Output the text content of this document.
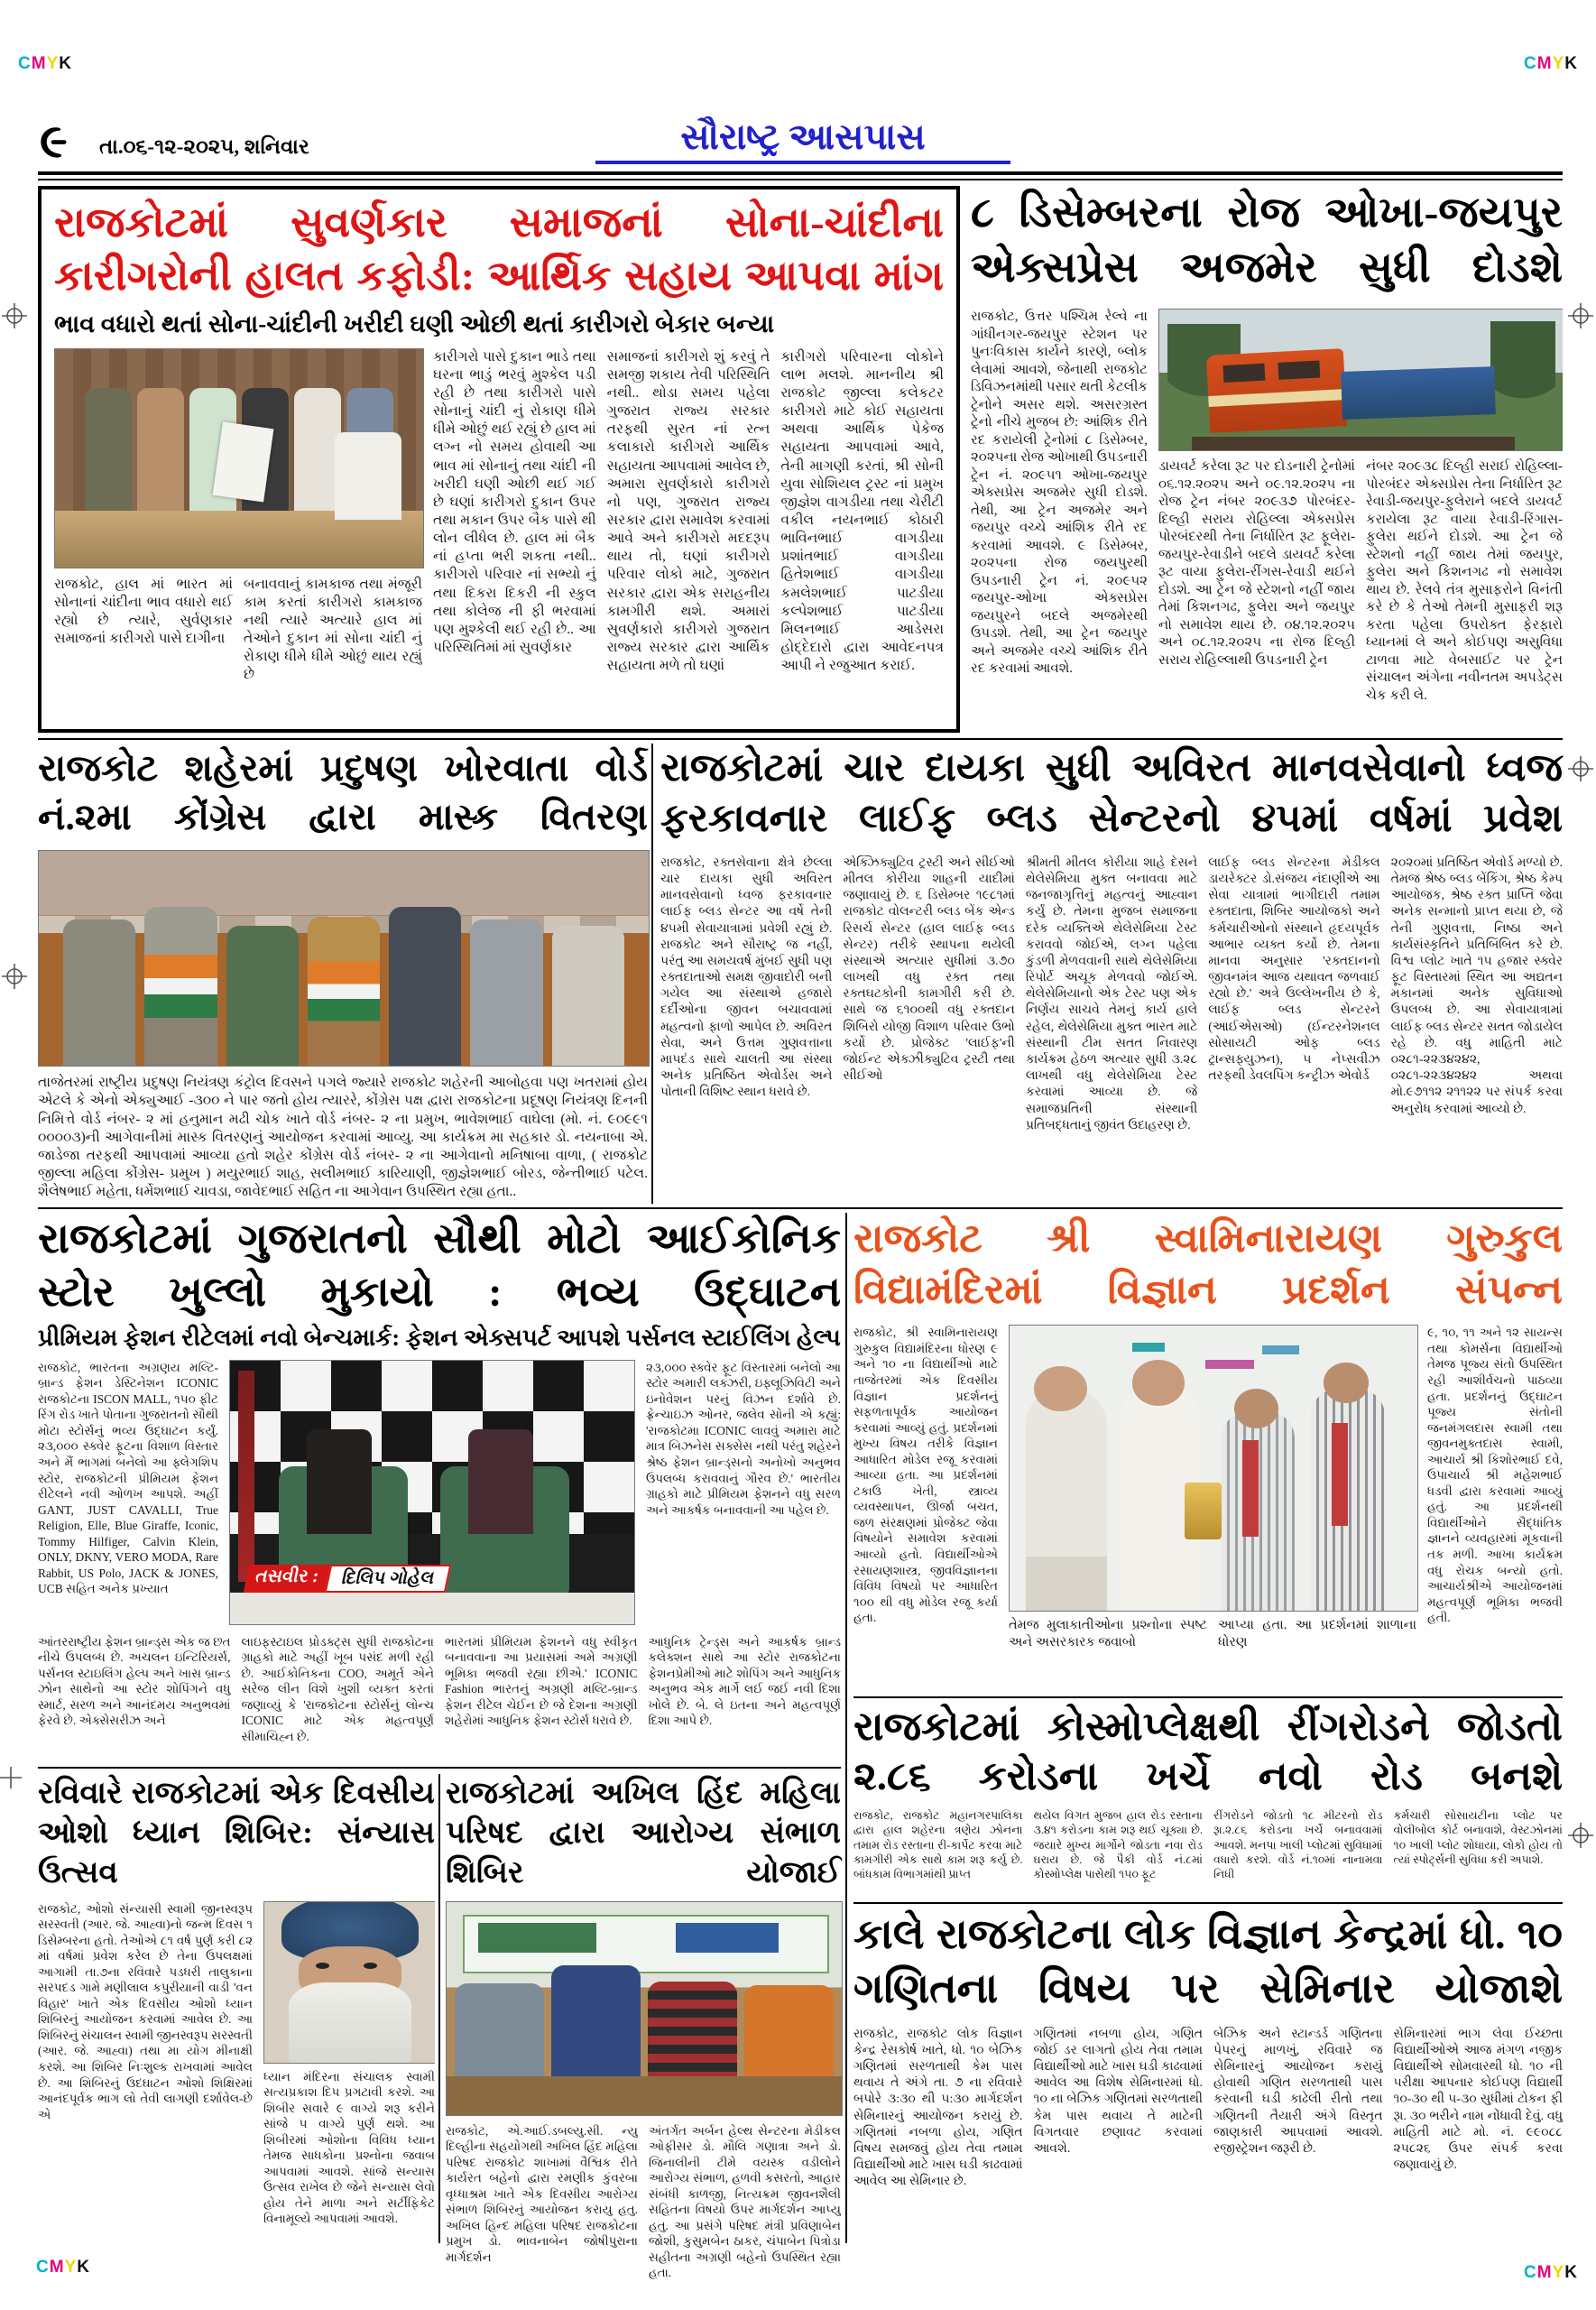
CMYK	CMYK
CMYK	CMYK
૯ તા.૦૬-૧૨-૨૦૨૫, શનિવાર	સૌરાષ્ટ્ર આસપાસ
રાજકોટમાં સુવર્ણકાર સમાજનાં સોના-ચાંદીના કારીગરોની હાલત કફોડી: આર્થિક સહાય આપવા માંગ
ભાવ વધારો થતાં સોના-ચાંદીની ખરીદી ઘણી ઓછી થતાં કારીગરો બેકાર બન્યા
રાજકોટ, હાલ માં ભારત માં સોનાનાં ચાંદીના ભાવ વધારો થઈ રહ્યો છે ત્યારે, સુર્વણકાર સમાજનાં કારીગરો પાસે દાગીના
બનાવવાનું કામકાજ તથા મંજૂરી કામ કરતાં કારીગરો કામકાજ નથી ત્યારે અત્યારે હાલ માં તેઓને દુકાન માં સોના ચાંદી નું રોકાણ ધીમે ધીમે ઓછું થાય રહ્યું છે
કારીગરો પાસે દુકાન ભાડે તથા ઘરના ભાડું ભરવું મુશ્કેલ પડી રહી છે તથા કારીગરો પાસે સોનાનું ચાંદી નું રોકાણ ધીમે ધીમે ઓછું થઈ રહ્યું છે હાલ માં લગ્ન નો સમય હોવાથી આ ભાવ માં સોનાનું તથા ચાંદી ની ખરીદી ઘણી ઓછી થઈ ગઈ છે ઘણાં કારીગરો દુકાન ઉપર તથા મકાન ઉપર બૈક પાસે થી લોન લીધેલ છે. હાલ માં બૈક નાં હપ્તા ભરી શકતા નથી.. કારીગરો પરિવાર નાં સભ્યો નું તથા દિકરા દિકરી ની સ્કુલ તથા કોલેજ ની ફી ભરવામાં પણ મુશ્કેલી થઈ રહી છે.. આ પરિસ્થિતિમાં માં સુવર્ણકાર
સમાજનાં કારીગરો શું કરવું તે સમજી શકાય તેવી પરિસ્થિતિ નથી.. થોડા સમય પહેલા ગુજરાત રાજ્ય સરકાર તરફથી સુરત નાં રત્ન કલાકારો કારીગરો આર્થિક સહાયતા આપવામાં આવેલ છે, અમારા સુવર્ણકારો કારીગરો નો પણ, ગુજરાત રાજ્ય સરકાર દ્વારા સમાવેશ કરવામાં આવે અને કારીગરો મદદરૂપ થાય તો, ઘણાં કારીગરો પરિવાર લોકો માટે, ગુજરાત સરકાર દ્વારા એક સરાહનીય કામગીરી થશે. અમારાં સુવર્ણકારો કારીગરો ગુજરાત રાજ્ય સરકાર દ્વારા આર્થિક સહાયતા મળે તો ઘણાં
કારીગરો પરિવારના લોકોને લાભ મલશે. માનનીય શ્રી રાજકોટ જીલ્લા કલેકટર કારીગરો માટે કોઈ સહાયતા અથવા આર્થિક પેકેજ સહાયતા આપવામાં આવે, તેની માગણી કરતાં, શ્રી સોની યુવા સોશિયલ ટ્રસ્ટ નાં પ્રમુખ જીજ્ઞેશ વાગડીયા તથા ચેરીટી વકીલ નયનભાઈ કોઠારી ભાવિનભાઈ વાગડીયા પ્રશાંતભાઈ વાગડીયા હિતેશભાઈ વાગડીયા કમલેશભાઈ પાટડીયા કલ્પેશભાઈ પાટડીયા મિલનભાઈ આડેસરા હોદ્દેદારો દ્વારા આવેદનપત્ર આપી ને રજુઆત કરાઈ.
૮ ડિસેમ્બરના રોજ ઓખા-જયપુર એક્સપ્રેસ અજમેર સુધી દોડશે
રાજકોટ, ઉત્તર પશ્ચિમ રેલ્વે ના ગાંધીનગર-જયપુર સ્ટેશન પર પુનઃવિકાસ કાર્યને કારણે, બ્લોક લેવામાં આવશે, જેનાથી રાજકોટ ડિવિઝનમાંથી પસાર થતી કેટલીક ટ્રેનોને અસર થશે. અસરગ્રસ્ત ટ્રેનો નીચે મુજબ છે: આંશિક રીતે રદ કરાયેલી ટ્રેનોમાં ૮ ડિસેમ્બર, ૨૦૨૫ના રોજ ઓખાથી ઉપડનારી ટ્રેન નં. ૨૦૯૫૧ ઓખા-જયપુર એક્સપ્રેસ અજમેર સુધી દોડશે. તેથી, આ ટ્રેન અજમેર અને જયપુર વચ્ચે આંશિક રીતે રદ કરવામાં આવશે. ૯ ડિસેમ્બર, ૨૦૨૫ના રોજ જયપુરથી ઉપડનારી ટ્રેન નં. ૨૦૯૫૨ જયપુર-ઓખા એક્સપ્રેસ જયપુરને બદલે અજમેરથી ઉપડશે. તેથી, આ ટ્રેન જયપુર અને અજમેર વચ્ચે આંશિક રીતે રદ કરવામાં આવશે.
ડાયવર્ટ કરેલા રૂટ પર દોડનારી ટ્રેનોમાં ૦૬.૧૨.૨૦૨૫ અને ૦૯.૧૨.૨૦૨૫ ના રોજ ટ્રેન નંબર ૨૦૯૩૭ પોરબંદર-દિલ્હી સરાય રોહિલ્લા એક્સપ્રેસ પોરબંદરથી તેના નિર્ધારિત રૂટ ફૂલેરા-જયપુર-રેવાડીને બદલે ડાયવર્ટ કરેલા રૂટ વાયા ફુલેરા-રીંગસ-રેવાડી થઈને દોડશે. આ ટ્રેન જે સ્ટેશનો નહીં જાય તેમાં કિશનગઢ, ફુલેરા અને જયપુર નો સમાવેશ થાય છે. ૦૪.૧૨.૨૦૨૫ અને ૦૮.૧૨.૨૦૨૫ ના રોજ દિલ્હી સરાય રોહિલ્લાથી ઉપડનારી ટ્રેન
નંબર ૨૦૯૩૮ દિલ્હી સરાઈ રોહિલ્લા-પોરબંદર એક્સપ્રેસ તેના નિર્ધારિત રૂટ રેવાડી-જયપુર-ફુલેરાને બદલે ડાયવર્ટ કરાયેલા રૂટ વાયા રેવાડી-રિંગાસ-ફુલેરા થઈને દોડશે. આ ટ્રેન જે સ્ટેશનો નહીં જાય તેમાં જયપુર, ફુલેરા અને કિશનગઢ નો સમાવેશ થાય છે. રેલવે તંત્ર મુસાફરોને વિનંતી કરે છે કે તેઓ તેમની મુસાફરી શરૂ કરતા પહેલા ઉપરોક્ત ફેરફારો ધ્યાનમાં લે અને કોઈપણ અસુવિધા ટાળવા માટે વેબસાઈટ પર ટ્રેન સંચાલન અંગેના નવીનતમ અપડેટ્સ ચેક કરી લે.
રાજકોટ શહેરમાં પ્રદુષણ ખોરવાતા વોર્ડ નં.૨મા કોંગ્રેસ દ્વારા માસ્ક વિતરણ
તાજેતરમાં રાષ્ટ્રીય પ્રદુષણ નિયંત્રણ કંટ્રોલ દિવસને પગલે જ્યારે રાજકોટ શહેરની આબોહવા પણ ખતરામાં હોય એટલે કે એનો એક્યુઆઈ -૩૦૦ ને પાર જતો હોય ત્યારરે, કોંગ્રેસ પક્ષ દ્વારા રાજકોટના પ્રદૂષણ નિયંત્રણ દિનની નિમિત્તે વોર્ડ નંબર- ૨ માં હનુમાન મઢી ચોક ખાતે વોર્ડ નંબર- ૨ ના પ્રમુખ, ભાવેશભાઈ વાઘેલા (મો. નં. ૯૦૯૯૧ ૦૦૦૦૩)ની આગેવાનીમાં માસ્ક વિતરણનું આયોજન કરવામાં આવ્યુ. આ કાર્યક્રમ મા સહકાર ડો. નયનાબા એ. જાડેજા તરફથી આપવામાં આવ્યા હતો શહેર કોંગ્રેસ વોર્ડ નંબર- ૨ ના આગેવાનો મનિષાબા વાળા, ( રાજકોટ જીલ્લા મહિલા કોંગ્રેસ- પ્રમુખ ) મયુરભાઈ શાહ, સલીમભાઈ કારિયાણી, જીજ્ઞેશભાઈ બોરડ, જેન્તીભાઈ પટેલ. શૈલેષભાઈ મહેતા, ધર્મેશભાઈ ચાવડા, જાવેદભાઈ સહિત ના આગેવાન ઉપસ્થિત રહ્યા હતા..
રાજકોટમાં ચાર દાયકા સુધી અવિરત માનવસેવાનો ધ્વજ ફરકાવનાર લાઈફ બ્લડ સેન્ટરનો ૪૫માં વર્ષમાં પ્રવેશ
રાજકોટ, રક્તસેવાના ક્ષેત્રે છેલ્લા ચાર દાયકા સુધી અવિરત માનવસેવાનો ધ્વજ ફરકાવનાર લાઈફ બ્લડ સેન્ટર આ વર્ષે તેની ૪૫મી સેવાયાત્રામાં પ્રવેશી રહ્યું છે. રાજકોટ અને સૌરાષ્ટ્ર જ નહીં, પરંતુ આ સમયવર્ષ મુંબઈ સુધી પણ રક્તદાતાઓ સમક્ષ જીવાદોરી બની ગયેલ આ સંસ્થાએ હજારો દર્દીઓના જીવન બચાવવામાં મહત્વનો ફાળો આપેલ છે. અવિરત સેવા, અને ઉત્તમ ગુણવત્તાના માપદંડ સાથે ચાલતી આ સંસ્થા અનેક પ્રતિષ્ઠિત એવોર્ડસ અને પોતાની વિશિષ્ટ સ્થાન ધરાવે છે.
એક્ઝિક્યુટિવ ટ્રસ્ટી અને સીઈઓ મીતલ કોરીયા શાહની યાદીમાં જણાવાયું છે. ૬ ડિસેમ્બર ૧૯૮૧માં રાજકોટ વોલન્ટરી બ્લડ બેંક એન્ડ રિસર્ચ સેન્ટર (હાલ લાઈફ બ્લડ સેન્ટર) તરીકે સ્થાપના થયેલી સંસ્થાએ અત્યાર સુધીમાં ૩.૭૦ લાખથી વધુ રક્ત તથા રક્તઘટકોની કામગીરી કરી છે. સાથે જ ૬૧૦૦થી વધુ રક્તદાન શિબિરો યોજી વિશાળ પરિવાર ઉભો કર્યો છે. પ્રોજેક્ટ 'લાઈફ'ની જોઈન્ટ એક્ઝીક્યુટિવ ટ્રસ્ટી તથા સીઈઓ
શ્રીમતી મીતલ કોરીયા શાહે દેસને થેલેસેમિયા મુક્ત બનાવવા માટે જનજાગૃત્તિનું મહત્વનું આહ્વાન કર્યું છે. તેમના મુજબ સમાજના દરેક વ્યક્તિએ થેલેસેમિયા ટેસ્ટ કરાવવો જોઈએ, લગ્ન પહેલા કુંડળી મેળવવાની સાથે થેલેસેમિયા રિપોર્ટ અચૂક મેળવવો જોઈએ. થેલેસેમિયાનો એક ટેસ્ટ પણ એક નિર્ણય સાચવે તેમનું કાર્ય હાલે રહેલ, થેલેસેમિયા મુક્ત ભારત માટે સંસ્થાની ટીમ સતત નિવારણ કાર્યક્રમ હેઠળ અત્યાર સુધી ૩.૨૮ લાખથી વધુ થેલેસેમિયા ટેસ્ટ કરવામાં આવ્યા છે. જે સમાજપ્રતિની સંસ્થાની પ્રતિબદ્ધતાનું જીવંત ઉદાહરણ છે.
લાઈફ બ્લડ સેન્ટરના મેડીકલ ડાયરેક્ટર ડો.સંજય નંદાણીએ આ સેવા યાત્રામાં ભાગીદારી તમામ રક્તદાતા, શિબિર આયોજકો અને કર્મચારીઓનો સંસ્થાને હૃદયપૂર્વક આભાર વ્યક્ત કર્યો છે. તેમના માનવા અનુસાર 'રક્તદાનનો જીવનમંત્ર આજ યથાવત જળવાઈ રહ્યો છે.' અત્રે ઉલ્લેખનીય છે કે, લાઈફ બ્લડ સેન્ટરને (આઈએસઓ) (ઈન્ટરનેશનલ સોસાયટી ઓફ બ્લડ ટ્રાન્સફ્યુઝન), ૫ નેપ્સવીઝ તરફથી ડેવલપિંગ કન્ટ્રીઝ એવોર્ડ
૨૦૨૦માં પ્રતિષ્ઠિત એવોર્ડ મળ્યો છે. તેમજ શ્રેષ્ઠ બ્લડ બેંકિંગ, શ્રેષ્ઠ કેમ્પ આયોજક, શ્રેષ્ઠ રક્ત પ્રાપ્તિ જેવા અનેક સન્માનો પ્રાપ્ત થયા છે, જે તેની ગુણવત્તા, નિષ્ઠા અને કાર્યસંસ્કૃતિને પ્રતિબિંબિત કરે છે. વિશ્વ પ્લોટ ખાતે ૧૫ હજાર સ્ક્વેર ફૂટ વિસ્તારમાં સ્થિત આ અદ્યતન મકાનમાં અનેક સુવિધાઓ ઉપલબ્ધ છે. આ સેવાયાત્રામાં લાઈફ બ્લડ સેન્ટર સતત જોડાયેલ રહે છે. વધુ માહિતી માટે ૦૨૮૧-૨૨૩૪૨૪૨, ૦૨૮૧-૨૨૩૪૨૪૨ અથવા મો.૯૭૧૧૨ ૨૧૧૨૨ પર સંપર્ક કરવા અનુરોધ કરવામાં આવ્યો છે.
રાજકોટમાં ગુજરાતનો સૌથી મોટો આઈકોનિક સ્ટોર ખુલ્લો મુકાયો : ભવ્ય ઉદ્ઘાટન
પ્રીમિયમ ફેશન રીટેલમાં નવો બેન્ચમાર્ક: ફેશન એક્સપર્ટ આપશે પર્સનલ સ્ટાઈલિંગ હેલ્પ
રાજકોટ, ભારતના અગ્રણય મલ્ટિ-બ્રાન્ડ ફેશન ડેસ્ટિનેશન ICONIC રાજકોટના ISCON MALL, ૧૫૦ ફીટ રિંગ રોડ ખાતે પોતાના ગુજરાતનો સૌથી મોટા સ્ટોર્સનું ભવ્ય ઉદ્ઘાટન કર્યું. ૨૩,૦૦૦ સ્ક્વેર ફૂટના વિશાળ વિસ્તાર અને મૈં ભાગમાં બનેલો આ ફ્લેગશિપ સ્ટોર, રાજકોટની પ્રીમિયમ ફેશન રીટેલને નવી ઓળખ આપશે. અહીં GANT, JUST CAVALLI, True Religion, Elle, Blue Giraffe, Iconic, Tommy Hilfiger, Calvin Klein, ONLY, DKNY, VERO MODA, Rare Rabbit, US Polo, JACK & JONES, UCB સહિત અનેક પ્રખ્યાત
તસવીર :	દિલિપ ગોહેલ
૨૩,૦૦૦ સ્ક્વેર ફૂટ વિસ્તારમાં બનેલો આ સ્ટોર અમારી લક્ઝરી, ઇફ્લૂઝિવિટી અને ઇનોવેશન પરનું વિઝન દર્શાવે છે. ફ્રેન્ચાઇઝ ઓનર, જલેવ સોની એ કહ્યું: 'રાજકોટમા ICONIC લાવવું અમારા માટે માત્ર બિઝનેસ સક્સેસ નથી પરંતુ શહેરને શ્રેષ્ઠ ફેશન બ્રાન્ડ્સનો અનોખો અનુભવ ઉપલબ્ધ કરાવવાનું ગૌરવ છે.' ભારતીય ગ્રાહકો માટે પ્રીમિયમ ફેશનને વધુ સરળ અને આકર્ષક બનાવવાની આ પહેલ છે.
આંતરરાષ્ટ્રીય ફેશન બ્રાન્ડ્સ એક જ છત નીચે ઉપલબ્ધ છે. અચલન ઇન્ટિરિયર્સ, પર્સનલ સ્ટાઇલિંગ હેલ્પ અને ખાસ બ્રાન્ડ ઝોન સાથેનો આ સ્ટોર શોપિંગને વધુ સ્માર્ટ, સરળ અને આનંદમય અનુભવમાં ફેરવે છે. એક્સેસરીઝ અને
લાઇફસ્ટાઇલ પ્રોડક્ટ્સ સુધી રાજકોટના ગ્રાહકો માટે અહીં ખૂબ પસંદ મળી રહી છે. આઈકોનિકના COO, અમૂર્ત એને સરેજ લીન વિશે ખુશી વ્યક્ત કરતાં જણાવ્યું કે 'રાજકોટના સ્ટોર્સનું લોન્ચ ICONIC માટે એક મહત્વપૂર્ણ સીમાચિહ્ન છે.
ભારતમાં પ્રીમિયમ ફેશનને વધુ સ્વીકૃત બનાવવાના આ પ્રયાસમાં અમે અગ્રણી ભૂમિકા ભજવી રહ્યા છીએ.' ICONIC Fashion ભારતનું અગ્રણી મલ્ટિ-બ્રાન્ડ ફેશન રીટેલ ચેઈન છે જે દેશના અગ્રણી શહેરોમાં આધુનિક ફેશન સ્ટોર્સ ધરાવે છે.
આધુનિક ટ્રેન્ડ્સ અને આકર્ષક બ્રાન્ડ કલેક્શન સાથે આ સ્ટોર રાજકોટના ફેશનપ્રેમીઓ માટે શોપિંગ અને આધુનિક અનુભવ એક માર્ગે લઈ જઈ નવી દિશા ખોલે છે. બે. લે ઇતના અને મહત્વપૂર્ણ દિશા આપે છે.
રાજકોટ શ્રી સ્વામિનારાયણ ગુરુકુલ વિદ્યામંદિરમાં વિજ્ઞાન પ્રદર્શન સંપન્ન
રાજકોટ, શ્રી સ્વામિનારાયણ ગુરુકુલ વિદ્યામંદિરના ધોરણ ૯ અને ૧૦ ના વિદ્યાર્થીઓ માટે તાજેતરમાં એક દિવસીય વિજ્ઞાન પ્રદર્શનનું સફળતાપૂર્વક આયોજન કરવામાં આવ્યું હતું. પ્રદર્શનમાં મુખ્ય વિષય તરીકે વિજ્ઞાન આધારિત મોડેલ રજૂ કરવામાં આવ્યા હતા. આ પ્રદર્શનમાં ટકાઉ ખેતી, સ્ત્રાવ્ય વ્યવસ્થાપન, ઊર્જા બચત, જળ સંરક્ષણમાં પ્રોજેક્ટ જેવા વિષયોને સમાવેશ કરવામાં આવ્યો હતો. વિદ્યાર્થીઓએ રસાયણશાસ્ત્ર, જીવવિજ્ઞાનના વિવિધ વિષયો પર આધારિત ૧૦૦ થી વધુ મોડેલ રજૂ કર્યા હતા.
તેમજ મુલાકાતીઓના પ્રશ્નોના સ્પષ્ટ અને અસરકારક જવાબો
આપ્યા હતા. આ પ્રદર્શનમાં શાળાના ધોરણ
૯, ૧૦, ૧૧ અને ૧૨ સાયન્સ તથા કોમર્સના વિદ્યાર્થીઓ તેમજ પૂજ્ય સંતો ઉપસ્થિત રહી આશીર્વચનો પાઠવ્યા હતા. પ્રદર્શનનું ઉદ્ઘાટન પૂજ્ય સંતોની જનમંગલદાસ સ્વામી તથા જીવનમુક્તદાસ સ્વામી, આચાર્ય શ્રી કિશોરભાઈ દવે, ઉપાચાર્ય શ્રી મહેશભાઈ ધડવી દ્વારા કરવામાં આવ્યું હતું. આ પ્રદર્શનથી વિદ્યાર્થીઓને સૈદ્ધાંતિક જ્ઞાનને વ્યવહારમાં મૂકવાની તક મળી. આખા કાર્યક્રમ વધુ રોચક બન્યો હતો. આચાર્યશ્રીએ આયોજનમાં મહત્વપૂર્ણ ભૂમિકા ભજવી હતી.
રાજકોટમાં કોસ્મોપ્લેક્ષથી રીંગરોડને જોડતો ૨.૮૬ કરોડના ખર્ચે નવો રોડ બનશે
રાજકોટ, રાજકોટ મહાનગરપાલિકા દ્વારા હાલ શહેરના ત્રણેય ઝોનના તમામ રોડ રસ્તાના રી-કાર્પેટ કરવા માટે કામગીરી એક સાથે કામ શરૂ કર્યુ છે. બાંધકામ વિભાગમાંથી પ્રાપ્ત
થયેલ વિગત મુજબ હાલ રોડ રસ્તાના ૩.૪૧ કરોડના કામ શરૂ થઈ ચૂક્યા છે. જયારે મુખ્ય માર્ગોને જોડતા નવા રોડ ઘરાય છે. જે પૈકી વોર્ડ નં.૮માં કોસ્મોપ્લેક્ષ પાસેથી ૧૫૦ ફૂટ
રીંગરોડને જોડતો ૧૮ મીટરનો રોડ રૂા.૨.૮૬ કરોડના ખર્ચે બનાવવામાં આવશે. મનપા ખાલી પ્લોટમાં સુવિધામાં વધારો કરશે. વોર્ડ નં.૧૦માં નાનામવા નિધી
કર્મચારી સોસાયટીના પ્લોટ પર વોલીબોલ કોર્ટ બનાવાશે, વેસ્ટઝોનમાં ૧૦ ખાલી પ્લોટ શોધાયા, લોકો હોય તો ત્યાં સ્પોર્ટ્સની સુવિધા કરી અપાશે.
કાલે રાજકોટના લોક વિજ્ઞાન કેન્દ્રમાં ધો. ૧૦ ગણિતના વિષય પર સેમિનાર યોજાશે
રાજકોટ, રાજકોટ લોક વિજ્ઞાન કેન્દ્ર રેસકોર્ષ ખાતે, ધો. ૧૦ બેઝિક ગણિતમાં સરળતાથી કેમ પાસ થવાય તે અંગે તા. ૭ ના રવિવારે બપોરે ૩:૩૦ થી ૫:૩૦ માર્ગદર્શન સેમિનારનું આયોજન કરાયું છે. ગણિતમાં નબળા હોય, ગણિત વિષય સમજવું હોય તેવા તમામ વિદ્યાર્થીઓ માટે ખાસ ઘડી કાઢવામાં આવેલ આ સેમિનાર છે.
ગણિતમાં નબળા હોય, ગણિત જોઈ ડર લાગતો હોય તેવા તમામ વિદ્યાર્થીઓ માટે ખાસ ઘડી કાઢવામાં આવેલ આ વિશેષ સેમિનારમાં ધો. ૧૦ ના બેઝિક ગણિતમાં સરળતાથી કેમ પાસ થવાય તે માટેની વિગતવાર છણાવટ કરવામાં આવશે.
બેઝિક અને સ્ટાન્ડર્ડ ગણિતના પેપરનું માળખું, રવિવારે જ સેમિનારનું આયોજન કરાયું હોવાથી ગણિત સરળતાથી પાસ કરવાની ઘડી કાઢેલી રીતો તથા ગણિતની તૈયારી અંગે વિસ્તૃત જાણકારી આપવામાં આવશે. રજીસ્ટ્રેશન જરૂરી છે.
સેમિનારમાં ભાગ લેવા ઈચ્છતા વિદ્યાર્થીઓએ આજ મંગળ નજીક વિદ્યાર્થીએ સોમવારથી ધો. ૧૦ ની ૫રીક્ષા આપનાર કોઈપણ વિદ્યાર્થી ૧૦-૩૦ થી ૫-૩૦ સુધીમાં ટોકન ફી રૂા. ૩૦ ભરીને નામ નોંધાવી દેવું. વધુ માહિતી માટે મો. નં. ૯૯૦૮૮ ૨૫૮૨૬ ઉપર સંપર્ક કરવા જણાવાયું છે.
રવિવારે રાજકોટમાં એક દિવસીય ઓશો ધ્યાન શિબિર: સંન્યાસ ઉત્સવ
રાજકોટ, ઓશો સંન્યાસી સ્વામી જીનસ્વરૂપ સરસ્વતી (આર. જે. આહ્વા)નો જન્મ દિવસ ૧ ડિસેમ્બરના હતો. તેઓએ ૮૧ વર્ષ પુર્ણ કરી ૮૨ માં વર્ષમાં પ્રવેશ કરેલ છે તેના ઉપલક્ષમાં આગામી તા.૭ના રવિવારે પડધરી તાલુકાના સરપદડ ગામે મણીલાલ કપુરીયાની વાડી 'વન વિહાર' ખાતે એક દિવસીય ઓશો ધ્યાન શિબિરનું આયોજન કરવામાં આવેલ છે. આ શિબિરનું સંચાલન સ્વામી જીનસ્વરૂપ સરસ્વતી (આર. જે. આહ્વા) તથા મા યોગ મીનાક્ષી કરશે. આ શિબિર નિઃશુલ્ક રાખવામાં આવેલ છે. આ શિબિરનું ઉદઘાટન ઓશો શિક્ષિરમાં આનંદપૂર્વક ભાગ લો તેવી લાગણી દર્શાવેલ-છે એ
ધ્યાન મંદિરના સંચાલક સ્વામી સત્યપ્રકાશ દિપ પ્રગટાવી કરશે. આ શિબીર સવારે ૯ વાગ્યે શરૂ કરીને સાંજે ૫ વાગ્યે પુર્ણ થશે. આ શિબીરમાં ઓશોના વિવિધ ધ્યાન તેમજ સાધકોના પ્રશ્નોના જવાબ આપવામાં આવશે. સાંજે સન્યાસ ઉત્સવ રાખેલ છે જેને સન્યાસ લેવો હોય તેને માળા અને સર્ટીફિકેટ વિનામૂલ્યે આપવામાં આવશે.
રાજકોટમાં અખિલ હિંદ મહિલા પરિષદ દ્વારા આરોગ્ય સંભાળ શિબિર યોજાઈ
રાજકોટ, એ.આઈ.ડબલ્યુ.સી. ન્યુ દિલ્હીના સહયોગથી અખિલ હિંદ મહિલા પરિષદ રાજકોટ શાખામાં વૈશ્વિક રીતે કાર્યરત બહેનો દ્વારા રમણીક કુંવરબા વૃધ્ધાશ્રમ ખાતે એક દિવસીય આરોગ્ય સંભાળ શિબિરનું આયોજન કરાયુ હતુ. અખિલ હિન્દ મહિલા પરિષદ રાજકોટના પ્રમુખ ડો. ભાવનાબેન જોષીપુરાના માર્ગદર્શન
અંતર્ગત અર્બન હેલ્થ સેન્ટરના મેડીકલ ઓફીસર ડો. મૌલિ ગણાત્રા અને ડો. જિનાલીની ટીમે વયસ્ક વડીલોને આરોગ્ય સંભાળ, હળવી કસરતો, આહાર સંબંધી કાળજી, નિત્યક્રમ જીવનશૈલી સહિતના વિષયો ઉપર માર્ગદર્શન આપ્યુ હતુ. આ પ્રસંગે પરિષદ મંત્રી પ્રવિણાબેન જોશી, કુસુમબેન ઠાકર, ચંપાબેન પિત્રોડા સહીતના અગ્રણી બહેનો ઉપસ્થિત રહ્યા હતા.
